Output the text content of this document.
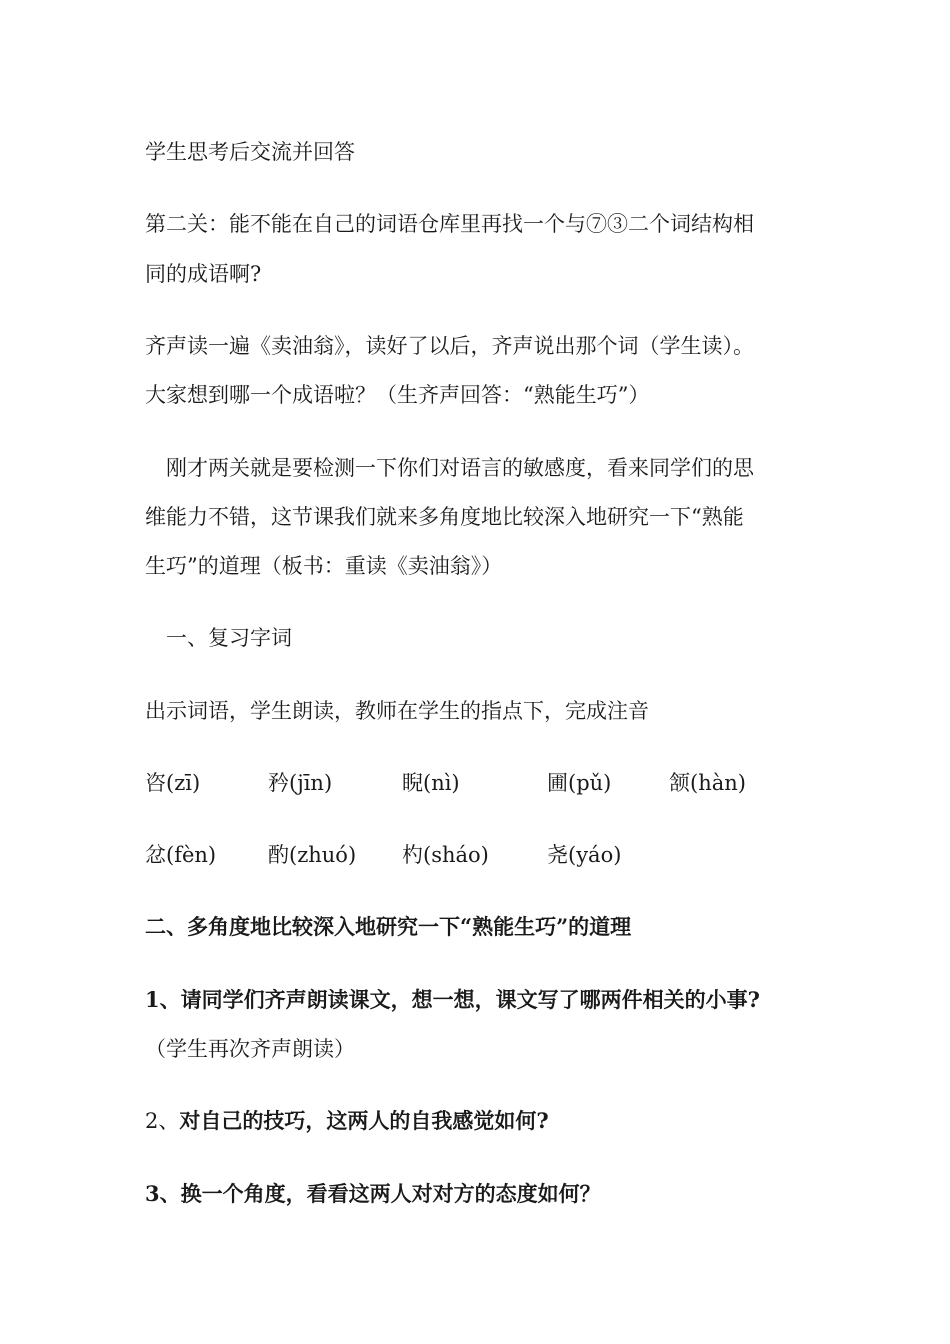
学生思考后交流并回答
第二关：能不能在自己的词语仓库里再找一个与⑦③二个词结构相
同的成语啊?
齐声读一遍《卖油翁》，读好了以后，齐声说出那个词（学生读）。
大家想到哪一个成语啦？（生齐声回答：“熟能生巧”）
　刚才两关就是要检测一下你们对语言的敏感度，看来同学们的思
维能力不错，这节课我们就来多角度地比较深入地研究一下“熟能
生巧”的道理（板书：重读《卖油翁》）
　一、复习字词
出示词语，学生朗读，教师在学生的指点下，完成注音
咨(zī)	矜(jīn)	睨(nì)	圃(pǔ)	颔(hàn)
忿(fèn) 酌(zhuó) 杓(sháo)	尧(yáo)
二、多角度地比较深入地研究一下“熟能生巧”的道理
1、请同学们齐声朗读课文，想一想，课文写了哪两件相关的小事?
（学生再次齐声朗读）
2、对自己的技巧，这两人的自我感觉如何?
3、换一个角度，看看这两人对对方的态度如何？
